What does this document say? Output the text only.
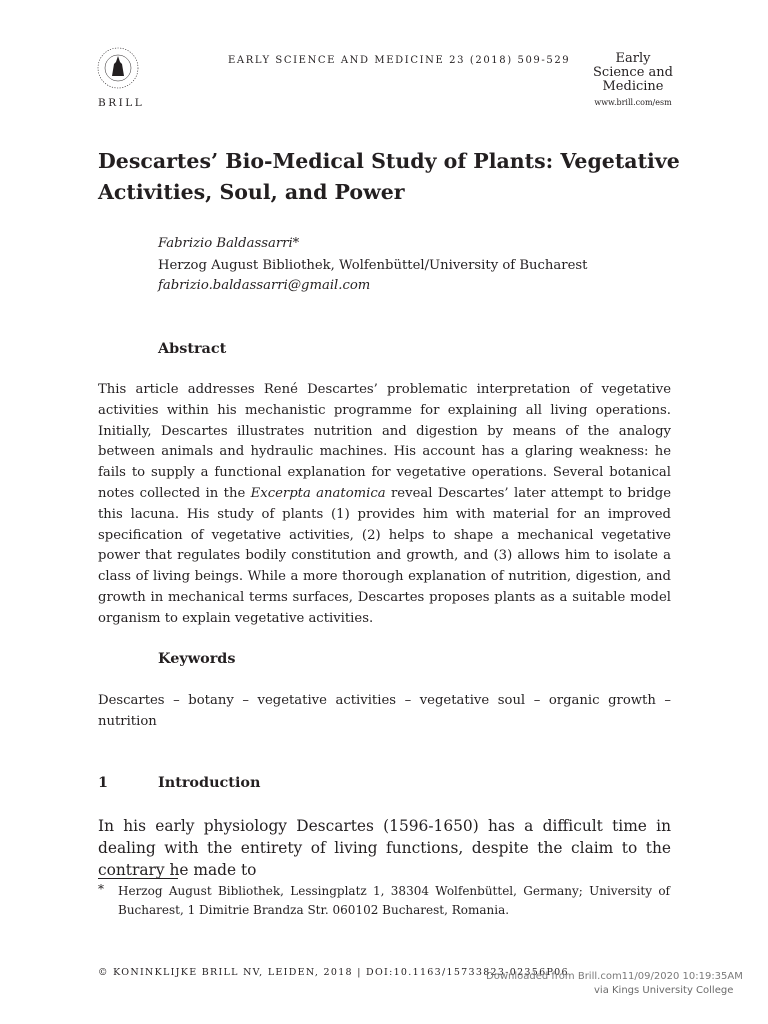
BRILL
EARLY SCIENCE AND MEDICINE 23 (2018) 509-529	Early
Science and
Medicine
www.brill.com/esm
Descartes’ Bio-Medical Study of Plants: Vegetative
Activities, Soul, and Power
Fabrizio Baldassarri*
Herzog August Bibliothek, Wolfenbüttel/University of Bucharest
fabrizio.baldassarri@gmail.com
Abstract
This article addresses René Descartes’ problematic interpretation of vegetative activities within his mechanistic programme for explaining all living operations. Initially, Descartes illustrates nutrition and digestion by means of the analogy between animals and hydraulic machines. His account has a glaring weakness: he fails to supply a functional explanation for vegetative operations. Several botanical notes collected in the Excerpta anatomica reveal Descartes’ later attempt to bridge this lacuna. His study of plants (1) provides him with material for an improved specification of vegetative activities, (2) helps to shape a mechanical vegetative power that regulates bodily constitution and growth, and (3) allows him to isolate a class of living beings. While a more thorough explanation of nutrition, digestion, and growth in mechanical terms surfaces, Descartes proposes plants as a suitable model organism to explain vegetative activities.
Keywords
Descartes – botany – vegetative activities – vegetative soul – organic growth – nutrition
1	Introduction
In his early physiology Descartes (1596-1650) has a difficult time in dealing with the entirety of living functions, despite the claim to the contrary he made to
* Herzog August Bibliothek, Lessingplatz 1, 38304 Wolfenbüttel, Germany; University of Bucharest, 1 Dimitrie Brandza Str. 060102 Bucharest, Romania.
© KONINKLIJKE BRILL NV, LEIDEN, 2018 | DOI:10.1163/15733823-02356P06
Downloaded from Brill.com11/09/2020 10:19:35AM
via Kings University College
